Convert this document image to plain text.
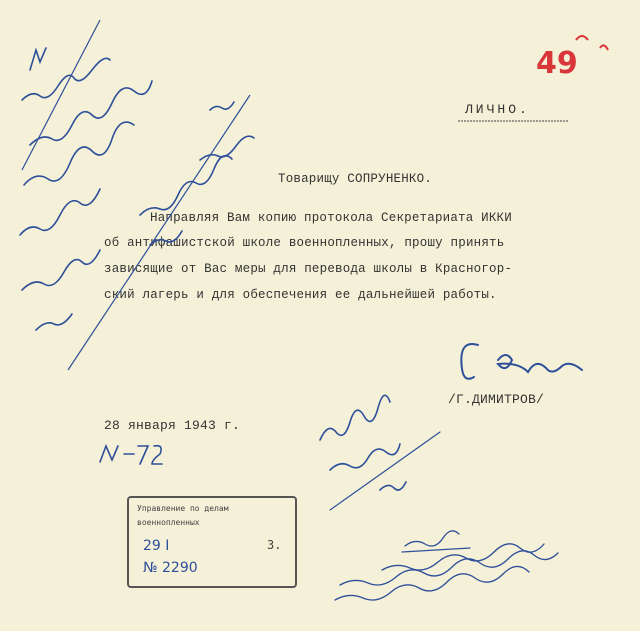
49
ЛИЧНО.
Товарищу СОПРУНЕНКО.
Направляя Вам копию протокола Секретариата ИККИ
об антифашистской школе военнопленных, прошу принять
зависящие от Вас меры для перевода школы в Красногор-
ский лагерь и для обеспечения ее дальнейшей работы.
28 января 1943 г.
/Г.ДИМИТРОВ/
Управление по делам
военнопленных
29 I	3.
№ 2290
